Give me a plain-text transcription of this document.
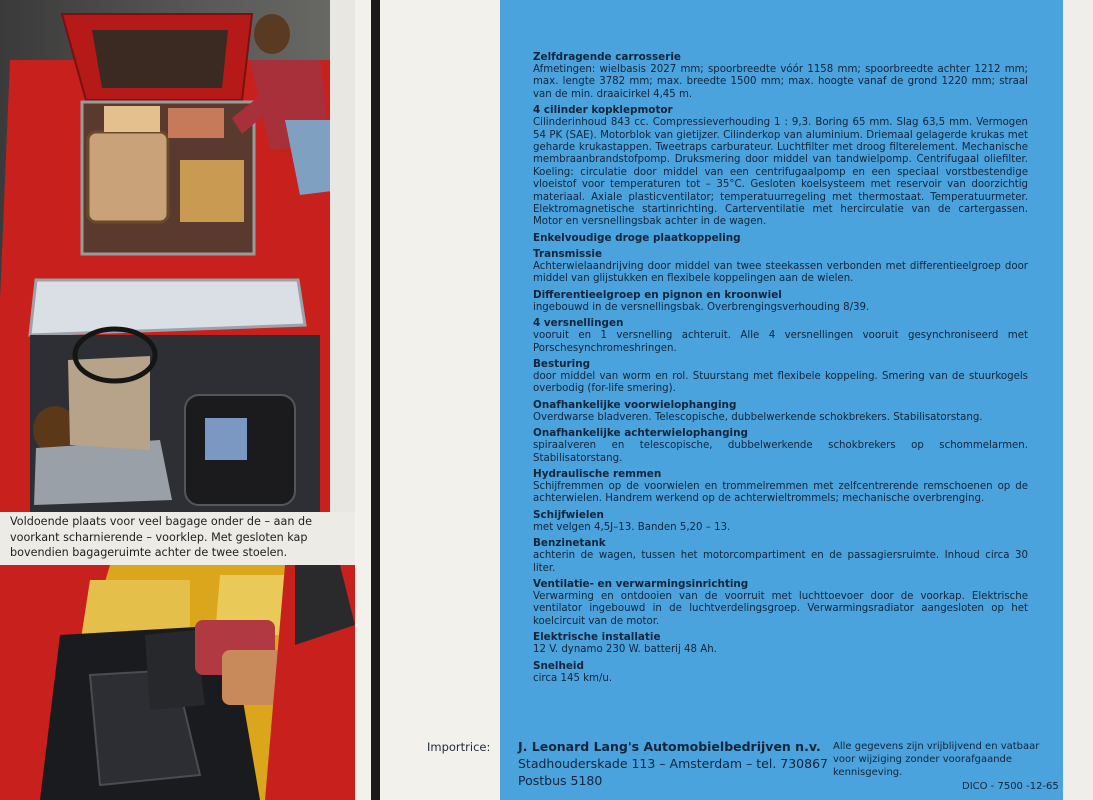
Voldoende plaats voor veel bagage onder de – aan de voorkant scharnierende – voorklep. Met gesloten kap bovendien bagageruimte achter de twee stoelen.
Zelfdragende carrosserie

Afmetingen: wielbasis 2027 mm; spoorbreedte vóór 1158 mm; spoorbreedte achter 1212 mm; max. lengte 3782 mm; max. breedte 1500 mm; max. hoogte vanaf de grond 1220 mm; straal van de min. draaicirkel 4,45 m.

4 cilinder kopklepmotor

Cilinderinhoud 843 cc. Compressieverhouding 1 : 9,3. Boring 65 mm. Slag 63,5 mm. Vermogen 54 PK (SAE). Motorblok van gietijzer. Cilinderkop van aluminium. Driemaal gelagerde krukas met geharde krukastappen. Tweetraps carburateur. Luchtfilter met droog filterelement. Mechanische membraanbrandstofpomp. Druksmering door middel van tandwielpomp. Centrifugaal oliefilter. Koeling: circulatie door middel van een centrifugaalpomp en een speciaal vorstbestendige vloeistof voor temperaturen tot – 35°C. Gesloten koelsysteem met reservoir van doorzichtig materiaal. Axiale plasticventilator; temperatuurregeling met thermostaat. Temperatuurmeter. Elektromagnetische startinrichting. Carterventilatie met hercirculatie van de cartergassen. Motor en versnellingsbak achter in de wagen.

Enkelvoudige droge plaatkoppeling
Transmissie

Achterwielaandrijving door middel van twee steekassen verbonden met differentieelgroep door middel van glijstukken en flexibele koppelingen aan de wielen.

Differentieelgroep en pignon en kroonwiel

ingebouwd in de versnellingsbak. Overbrengingsverhouding 8/39.

4 versnellingen

vooruit en 1 versnelling achteruit. Alle 4 versnellingen vooruit gesynchroniseerd met Porschesynchromeshringen.

Besturing

door middel van worm en rol. Stuurstang met flexibele koppeling. Smering van de stuurkogels overbodig (for-life smering).

Onafhankelijke voorwielophanging

Overdwarse bladveren. Telescopische, dubbelwerkende schokbrekers. Stabilisatorstang.

Onafhankelijke achterwielophanging

spiraalveren en telescopische, dubbelwerkende schokbrekers op schommelarmen. Stabilisatorstang.

Hydraulische remmen

Schijfremmen op de voorwielen en trommelremmen met zelfcentrerende remschoenen op de achterwielen. Handrem werkend op de achterwieltrommels; mechanische overbrenging.

Schijfwielen

met velgen 4,5J–13. Banden 5,20 – 13.

Benzinetank

achterin de wagen, tussen het motorcompartiment en de passagiersruimte. Inhoud circa 30 liter.

Ventilatie- en verwarmingsinrichting

Verwarming en ontdooien van de voorruit met luchttoevoer door de voorkap. Elektrische ventilator ingebouwd in de luchtverdelingsgroep. Verwarmingsradiator aangesloten op het koelcircuit van de motor.

Elektrische installatie

12 V. dynamo 230 W. batterij 48 Ah.

Snelheid

circa 145 km/u.

Importrice: J. Leonard Lang's Automobielbedrijven n.v.
Stadhouderskade 113 – Amsterdam – tel. 730867
Postbus 5180
Alle gegevens zijn vrijblijvend en vatbaar voor wijziging zonder voorafgaande kennisgeving.
DICO - 7500 -12-65
